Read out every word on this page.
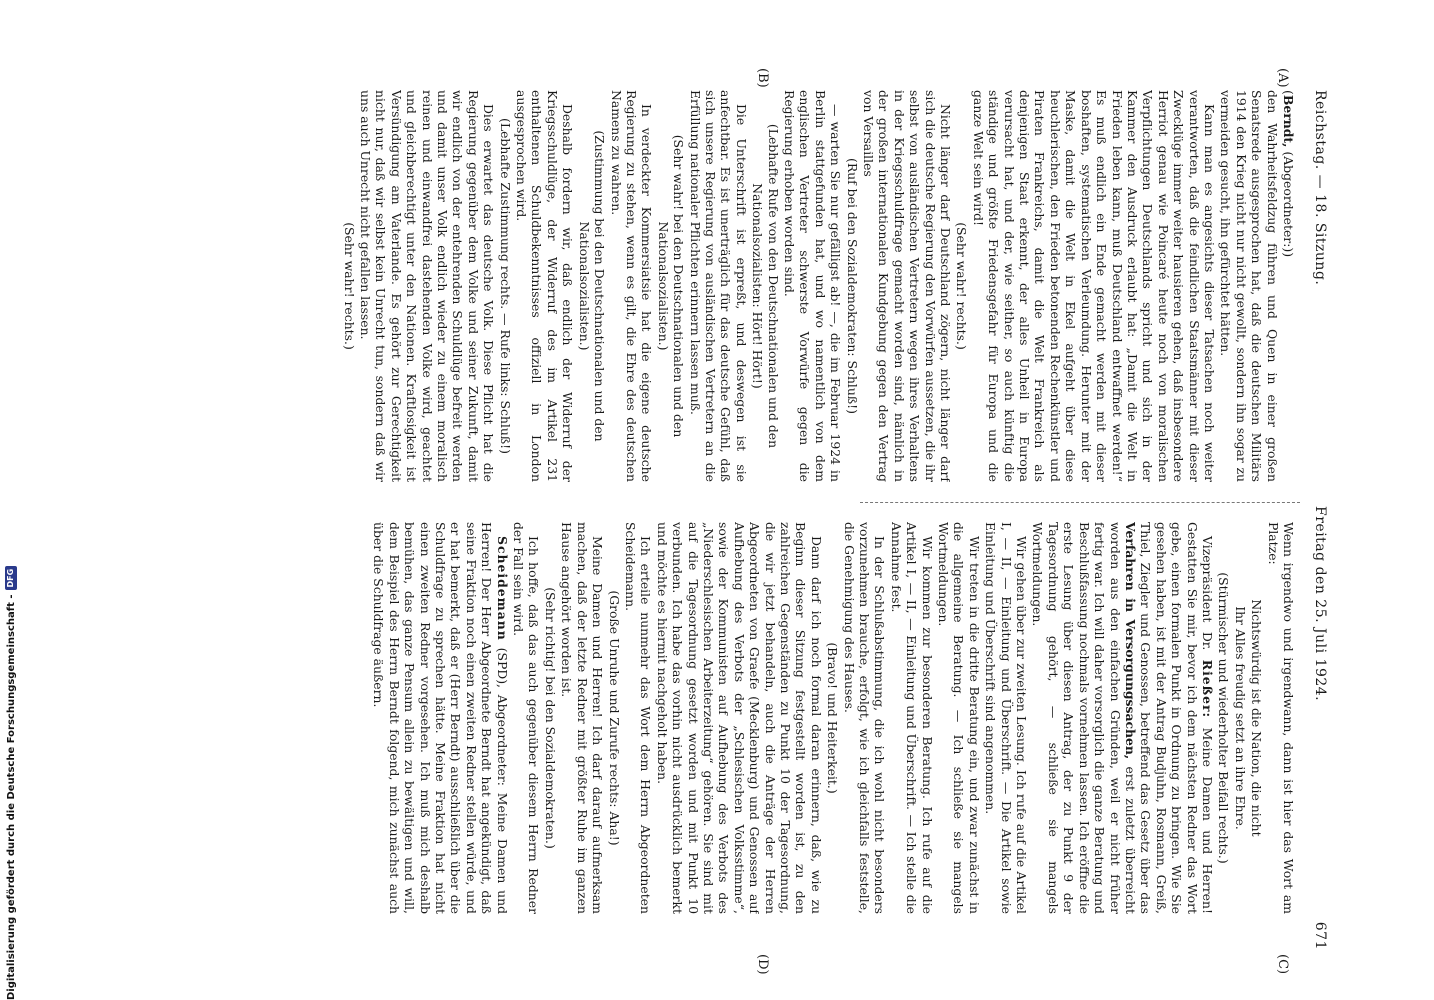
Reichstag. — 18. Sitzung.
Freitag den 25. Juli 1924.
671
(A)
(B)
(C)
(D)

(Berndt, (Abgeordneter:))

den Wahrheitsfeldzug führen und Quen in einer großen Senatsrede ausgesprochen hat, daß die deutschen Militärs 1914 den Krieg nicht nur nicht gewollt, sondern ihn sogar zu vermeiden gesucht, ihn gefürchtet hätten.

Kann man es angesichts dieser Tatsachen noch weiter verantworten, daß die feindlichen Staatsmänner mit dieser Zwecklüge immer weiter hausieren gehen, daß insbesondere Herriot genau wie Poincaré heute noch von moralischen Verpflichtungen Deutschlands spricht und sich in der Kammer den Ausdruck erlaubt hat: „Damit die Welt in Frieden leben kann, muß Deutschland entwaffnet werden!“ Es muß endlich ein Ende gemacht werden mit dieser boshaften, systematischen Verleumdung. Herunter mit der Maske, damit die Welt in Ekel aufgeht über diese heuchlerischen, den Frieden betonenden Rechenkünstler und Piraten Frankreichs, damit die Welt Frankreich als denjenigen Staat erkennt, der alles Unheil in Europa verursacht hat, und der, wie seither, so auch künftig die ständige und größte Friedensgefahr für Europa und die ganze Welt sein wird!

(Sehr wahr! rechts.)

Nicht länger darf Deutschland zögern, nicht länger darf sich die deutsche Regierung den Vorwürfen aussetzen, die ihr selbst von ausländischen Vertretern wegen ihres Verhaltens in der Kriegsschuldfrage gemacht worden sind, nämlich in der großen internationalen Kundgebung gegen den Vertrag von Versailles

(Ruf bei den Sozialdemokraten: Schluß!)

— warten Sie nur gefälligst ab! —, die im Februar 1924 in Berlin stattgefunden hat, und wo namentlich von dem englischen Vertreter schwerste Vorwürfe gegen die Regierung erhoben worden sind.

(Lebhafte Rufe von den Deutschnationalen und den Nationalsozialisten: Hört! Hört!)

Die Unterschrift ist erpreßt, und deswegen ist sie anfechtbar. Es ist unerträglich für das deutsche Gefühl, daß sich unsere Regierung von ausländischen Vertretern an die Erfüllung nationaler Pflichten erinnern lassen muß.

(Sehr wahr! bei den Deutschnationalen und den Nationalsozialisten.)

In verdeckter Kommersiatsie hat die eigene deutsche Regierung zu stehen, wenn es gilt, die Ehre des deutschen Namens zu wahren.

(Zustimmung bei den Deutschnationalen und den Nationalsozialisten.)

Deshalb fordern wir, daß endlich der Widerruf der Kriegsschuldlüge, der Widerruf des im Artikel 231 enthaltenen Schuldbekenntnisses offiziell in London ausgesprochen wird.

(Lebhafte Zustimmung rechts. — Rufe links: Schluß!)

Dies erwartet das deutsche Volk. Diese Pflicht hat die Regierung gegenüber dem Volke und seiner Zukunft, damit wir endlich von der entehrenden Schuldlüge befreit werden und damit unser Volk endlich wieder zu einem moralisch reinen und einwandfrei dastehenden Volke wird, geachtet und gleichberechtigt unter den Nationen. Kraftlosigkeit ist Versündigung am Vaterlande. Es gehört zur Gerechtigkeit nicht nur, daß wir selbst kein Unrecht tun, sondern daß wir uns auch Unrecht nicht gefallen lassen.

(Sehr wahr! rechts.)

Wenn irgendwo und irgendwann, dann ist hier das Wort am Platze:

Nichtswürdig ist die Nation, die nicht

Ihr Alles freudig setzt an ihre Ehre.

(Stürmischer und wiederholter Beifall rechts.)

Vizepräsident Dr. Rießer: Meine Damen und Herren! Gestatten Sie mir, bevor ich dem nächsten Redner das Wort gebe, einen formalen Punkt in Ordnung zu bringen. Wie Sie gesehen haben, ist mit der Antrag Budjuhn, Rosmann, Greiß, Thiel, Ziegler und Genossen, betreffend das Gesetz über das Verfahren in Versorgungssachen, erst zuletzt überreicht worden aus den einfachen Gründen, weil er nicht früher fertig war. Ich will daher vorsorglich die ganze Beratung und Beschlußfassung nochmals vornehmen lassen. Ich eröffne die erste Lesung über diesen Antrag, der zu Punkt 9 der Tagesordnung gehört, — schließe sie mangels Wortmeldungen.

Wir gehen über zur zweiten Lesung. Ich rufe auf die Artikel I, — II, — Einleitung und Überschrift. — Die Artikel sowie Einleitung und Überschrift sind angenommen.

Wir treten in die dritte Beratung ein, und zwar zunächst in die allgemeine Beratung. — Ich schließe sie mangels Wortmeldungen.

Wir kommen zur besonderen Beratung. Ich rufe auf die Artikel I, — II, — Einleitung und Überschrift. — Ich stelle die Annahme fest.

In der Schlußabstimmung, die ich wohl nicht besonders vorzunehmen brauche, erfolgt, wie ich gleichfalls feststelle, die Genehmigung des Hauses.

(Bravo! und Heiterkeit.)

Dann darf ich noch formal daran erinnern, daß, wie zu Beginn dieser Sitzung festgestellt worden ist, zu den zahlreichen Gegenständen zu Punkt 10 der Tagesordnung, die wir jetzt behandeln, auch die Anträge der Herren Abgeordneten von Graefe (Mecklenburg) und Genossen auf Aufhebung des Verbots der „Schlesischen Volksstimme“, sowie der Kommunisten auf Aufhebung des Verbots des „Niederschlesischen Arbeiterzeitung“ gehören. Sie sind mit auf die Tagesordnung gesetzt worden und mit Punkt 10 verbunden. Ich habe das vorhin nicht ausdrücklich bemerkt und möchte es hiermit nachgeholt haben.

Ich erteile nunmehr das Wort dem Herrn Abgeordneten Scheidemann.

(Große Unruhe und Zurufe rechts: Aha!)

Meine Damen und Herren! Ich darf darauf aufmerksam machen, daß der letzte Redner mit größter Ruhe im ganzen Hause angehört worden ist.

(Sehr richtig! bei den Sozialdemokraten.)

Ich hoffe, daß das auch gegenüber diesem Herrn Redner der Fall sein wird.

Scheidemann (SPD), Abgeordneter: Meine Damen und Herren! Der Herr Abgeordnete Berndt hat angekündigt, daß seine Fraktion noch einen zweiten Redner stellen würde, und er hat bemerkt, daß er (Herr Berndt) ausschließlich über die Schuldfrage zu sprechen hätte. Meine Fraktion hat nicht einen zweiten Redner vorgesehen. Ich muß mich deshalb bemühen, das ganze Pensum allein zu bewältigen und will, dem Beispiel des Herrn Berndt folgend, mich zunächst auch über die Schuldfrage äußern.

Digitalisierung gefördert durch die Deutsche Forschungsgemeinschaft -
DFG
